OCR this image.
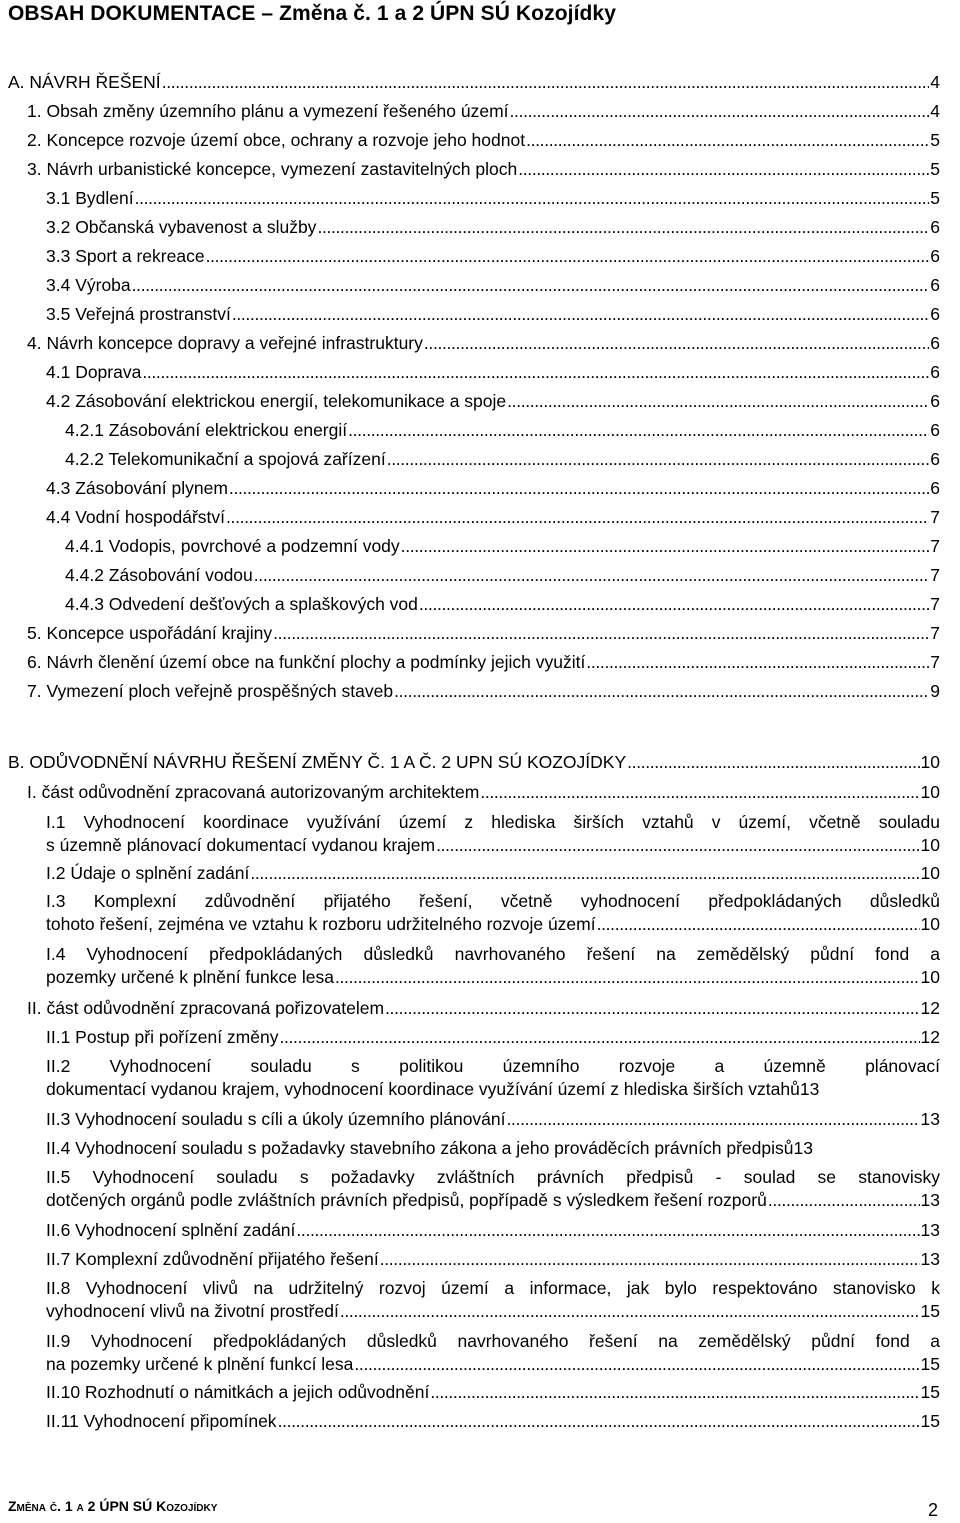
OBSAH DOKUMENTACE – Změna č. 1 a 2 ÚPN SÚ Kozojídky
A. NÁVRH ŘEŠENÍ . . .	4
1. Obsah změny územního plánu a vymezení řešeného území . . .	4
2. Koncepce rozvoje území obce, ochrany a rozvoje jeho hodnot . . .	5
3. Návrh urbanistické koncepce, vymezení zastavitelných ploch . . .	5
3.1 Bydlení . . .	5
3.2 Občanská vybavenost a služby . . .	6
3.3 Sport a rekreace . . .	6
3.4 Výroba . . .	6
3.5 Veřejná prostranství . . .	6
4. Návrh koncepce dopravy a veřejné infrastruktury . . .	6
4.1 Doprava . . .	6
4.2 Zásobování elektrickou energií, telekomunikace a spoje . . .	6
4.2.1 Zásobování elektrickou energií . . .	6
4.2.2 Telekomunikační a spojová zařízení . . .	6
4.3 Zásobování plynem . . .	6
4.4 Vodní hospodářství . . .	7
4.4.1 Vodopis, povrchové a podzemní vody . . .	7
4.4.2 Zásobování vodou . . .	7
4.4.3 Odvedení dešťových a splaškových vod . . .	7
5. Koncepce uspořádání krajiny . . .	7
6. Návrh členění území obce na funkční plochy a podmínky jejich využití . . .	7
7. Vymezení ploch veřejně prospěšných staveb . . .	9
B. ODŮVODNĚNÍ NÁVRHU ŘEŠENÍ ZMĚNY Č. 1 A Č. 2 UPN SÚ KOZOJÍDKY . . .	10
I. část odůvodnění zpracovaná autorizovaným architektem . . .	10
I.1 Vyhodnocení koordinace využívání území z hlediska širších vztahů v území, včetně souladu
s územně plánovací dokumentací vydanou krajem . . .	10
I.2 Údaje o splnění zadání . . .	10
I.3 Komplexní zdůvodnění přijatého řešení, včetně vyhodnocení předpokládaných důsledků
tohoto řešení, zejména ve vztahu k rozboru udržitelného rozvoje území . . .	10
I.4 Vyhodnocení předpokládaných důsledků navrhovaného řešení na zemědělský půdní fond a
pozemky určené k plnění funkce lesa . . .	10
II. část odůvodnění zpracovaná pořizovatelem . . .	12
II.1 Postup při pořízení změny . . .	12
II.2 Vyhodnocení souladu s politikou územního rozvoje a územně plánovací
dokumentací vydanou krajem, vyhodnocení koordinace využívání území z hlediska širších vztahů 13
II.3 Vyhodnocení souladu s cíli a úkoly územního plánování . . .	13
II.4 Vyhodnocení souladu s požadavky stavebního zákona a jeho prováděcích právních předpisů 13
II.5 Vyhodnocení souladu s požadavky zvláštních právních předpisů - soulad se stanovisky
dotčených orgánů podle zvláštních právních předpisů, popřípadě s výsledkem řešení rozporů . . .	13
II.6 Vyhodnocení splnění zadání . . .	13
II.7 Komplexní zdůvodnění přijatého řešení . . .	13
II.8 Vyhodnocení vlivů na udržitelný rozvoj území a informace, jak bylo respektováno stanovisko k
vyhodnocení vlivů na životní prostředí . . .	15
II.9 Vyhodnocení předpokládaných důsledků navrhovaného řešení na zemědělský půdní fond a
na pozemky určené k plnění funkcí lesa . . .	15
II.10 Rozhodnutí o námitkách a jejich odůvodnění . . .	15
II.11 Vyhodnocení připomínek . . .	15
Změna č. 1 a 2 ÚPN SÚ Kozojídky	2
